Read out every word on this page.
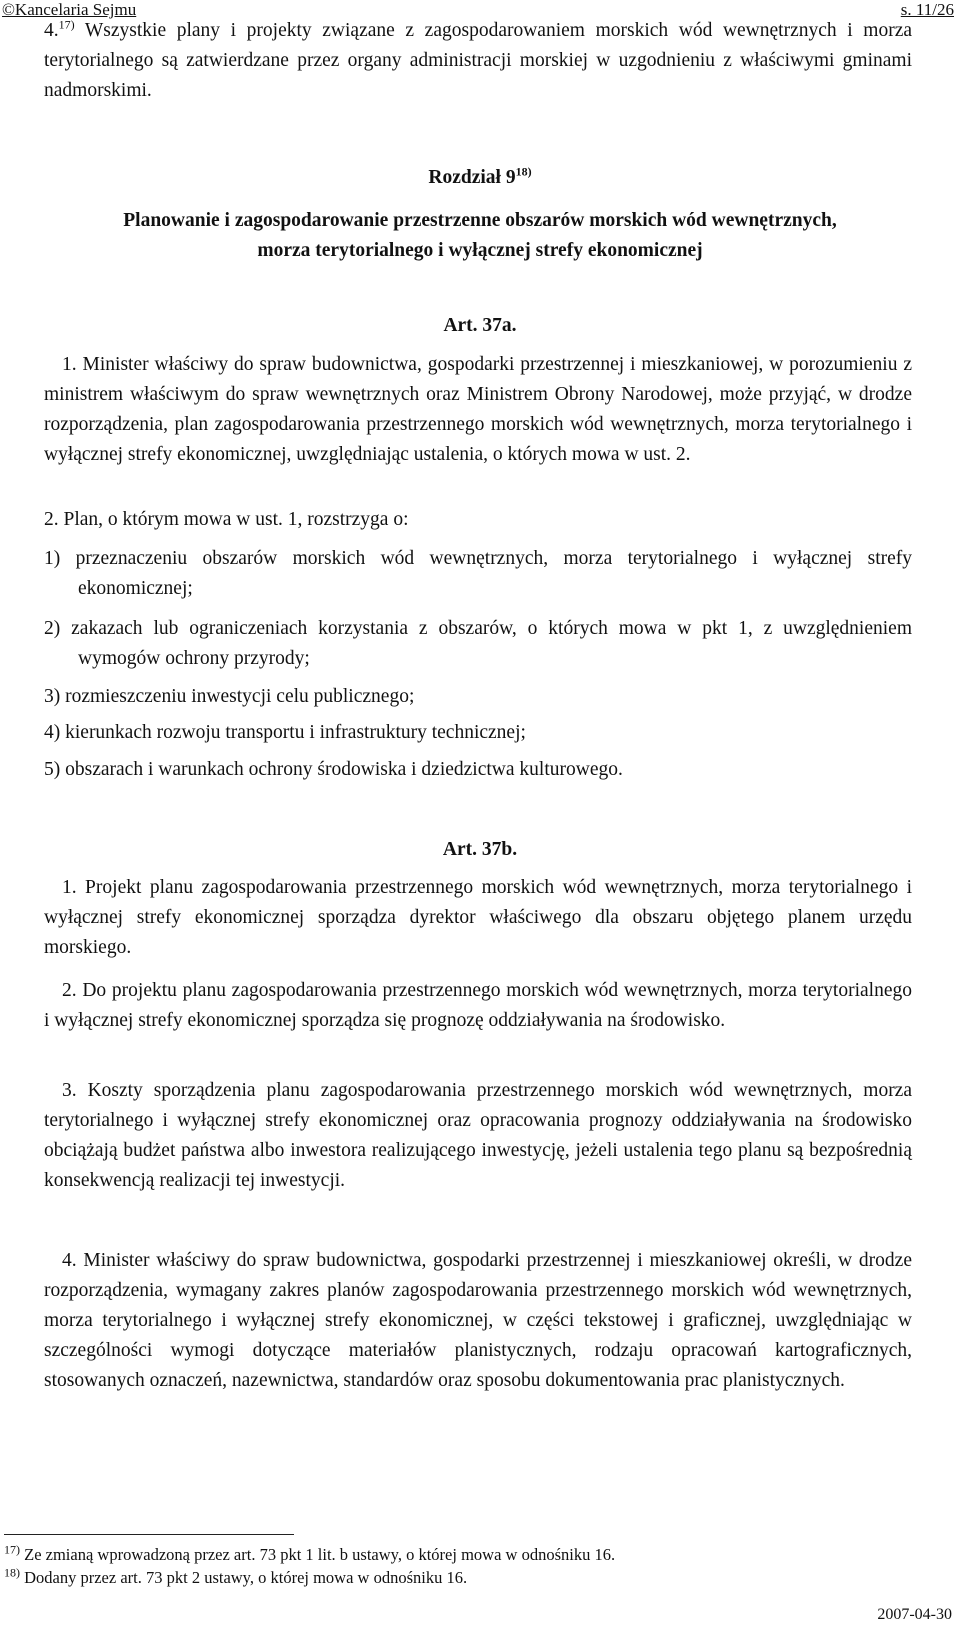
©Kancelaria Sejmu	s. 11/26
4.$^{17)}$ Wszystkie plany i projekty związane z zagospodarowaniem morskich wód wewnętrznych i morza terytorialnego są zatwierdzane przez organy administracji morskiej w uzgodnieniu z właściwymi gminami nadmorskimi.
Rozdział 9$^{18)}$
Planowanie i zagospodarowanie przestrzenne obszarów morskich wód wewnętrznych,
morza terytorialnego i wyłącznej strefy ekonomicznej
Art. 37a.
1. Minister właściwy do spraw budownictwa, gospodarki przestrzennej i mieszkaniowej, w porozumieniu z ministrem właściwym do spraw wewnętrznych oraz Ministrem Obrony Narodowej, może przyjąć, w drodze rozporządzenia, plan zagospodarowania przestrzennego morskich wód wewnętrznych, morza terytorialnego i wyłącznej strefy ekonomicznej, uwzględniając ustalenia, o których mowa w ust. 2.
2. Plan, o którym mowa w ust. 1, rozstrzyga o:
1) przeznaczeniu obszarów morskich wód wewnętrznych, morza terytorialnego i wyłącznej strefy ekonomicznej;
2) zakazach lub ograniczeniach korzystania z obszarów, o których mowa w pkt 1, z uwzględnieniem wymogów ochrony przyrody;
3) rozmieszczeniu inwestycji celu publicznego;
4) kierunkach rozwoju transportu i infrastruktury technicznej;
5) obszarach i warunkach ochrony środowiska i dziedzictwa kulturowego.
Art. 37b.
1. Projekt planu zagospodarowania przestrzennego morskich wód wewnętrznych, morza terytorialnego i wyłącznej strefy ekonomicznej sporządza dyrektor właściwego dla obszaru objętego planem urzędu morskiego.
2. Do projektu planu zagospodarowania przestrzennego morskich wód wewnętrznych, morza terytorialnego i wyłącznej strefy ekonomicznej sporządza się prognozę oddziaływania na środowisko.
3. Koszty sporządzenia planu zagospodarowania przestrzennego morskich wód wewnętrznych, morza terytorialnego i wyłącznej strefy ekonomicznej oraz opracowania prognozy oddziaływania na środowisko obciążają budżet państwa albo inwestora realizującego inwestycję, jeżeli ustalenia tego planu są bezpośrednią konsekwencją realizacji tej inwestycji.
4. Minister właściwy do spraw budownictwa, gospodarki przestrzennej i mieszkaniowej określi, w drodze rozporządzenia, wymagany zakres planów zagospodarowania przestrzennego morskich wód wewnętrznych, morza terytorialnego i wyłącznej strefy ekonomicznej, w części tekstowej i graficznej, uwzględniając w szczególności wymogi dotyczące materiałów planistycznych, rodzaju opracowań kartograficznych, stosowanych oznaczeń, nazewnictwa, standardów oraz sposobu dokumentowania prac planistycznych.
$^{17)}$ Ze zmianą wprowadzoną przez art. 73 pkt 1 lit. b ustawy, o której mowa w odnośniku 16.
$^{18)}$ Dodany przez art. 73 pkt 2 ustawy, o której mowa w odnośniku 16.
2007-04-30
